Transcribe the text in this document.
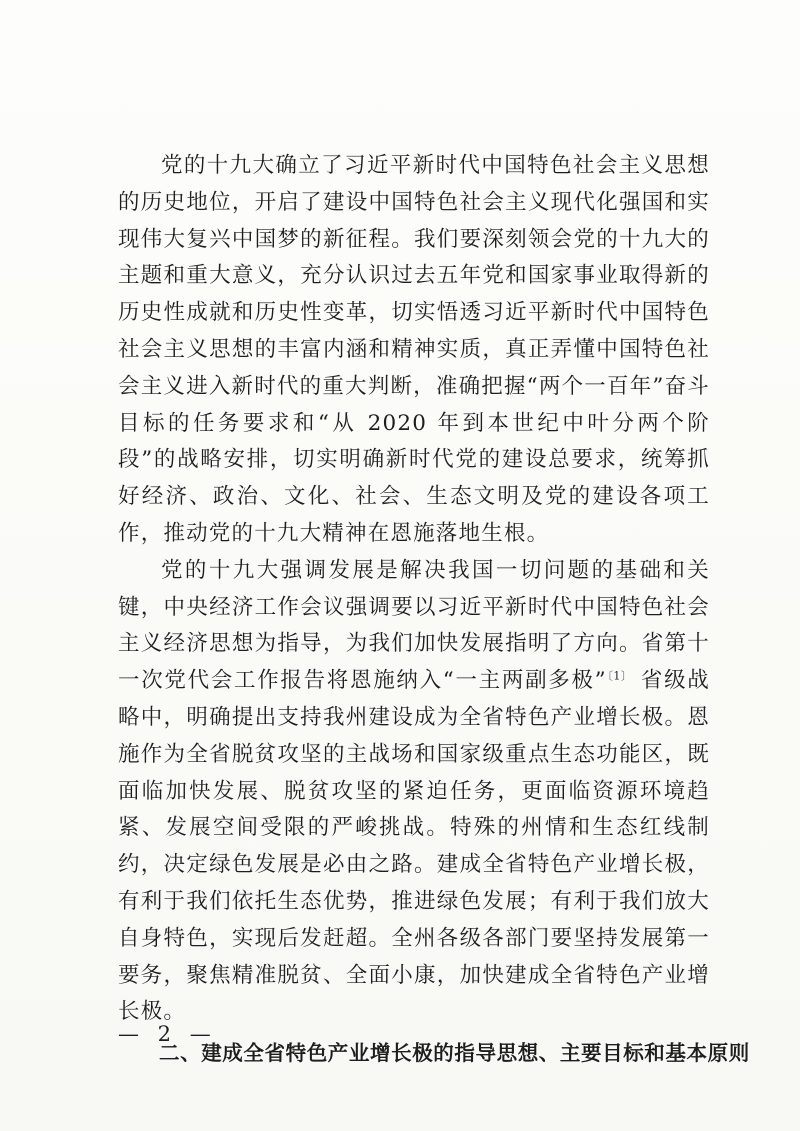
党的十九大确立了习近平新时代中国特色社会主义思想的历史地位，开启了建设中国特色社会主义现代化强国和实现伟大复兴中国梦的新征程。我们要深刻领会党的十九大的主题和重大意义，充分认识过去五年党和国家事业取得新的历史性成就和历史性变革，切实悟透习近平新时代中国特色社会主义思想的丰富内涵和精神实质，真正弄懂中国特色社会主义进入新时代的重大判断，准确把握“两个一百年”奋斗目标的任务要求和“从 2020 年到本世纪中叶分两个阶段”的战略安排，切实明确新时代党的建设总要求，统筹抓好经济、政治、文化、社会、生态文明及党的建设各项工作，推动党的十九大精神在恩施落地生根。

党的十九大强调发展是解决我国一切问题的基础和关键，中央经济工作会议强调要以习近平新时代中国特色社会主义经济思想为指导，为我们加快发展指明了方向。省第十一次党代会工作报告将恩施纳入“一主两副多极”$^{〔1〕}$ 省级战略中，明确提出支持我州建设成为全省特色产业增长极。恩施作为全省脱贫攻坚的主战场和国家级重点生态功能区，既面临加快发展、脱贫攻坚的紧迫任务，更面临资源环境趋紧、发展空间受限的严峻挑战。特殊的州情和生态红线制约，决定绿色发展是必由之路。建成全省特色产业增长极，有利于我们依托生态优势，推进绿色发展；有利于我们放大自身特色，实现后发赶超。全州各级各部门要坚持发展第一要务，聚焦精准脱贫、全面小康，加快建成全省特色产业增长极。

二、建成全省特色产业增长极的指导思想、主要目标和基本原则

— 2 —
